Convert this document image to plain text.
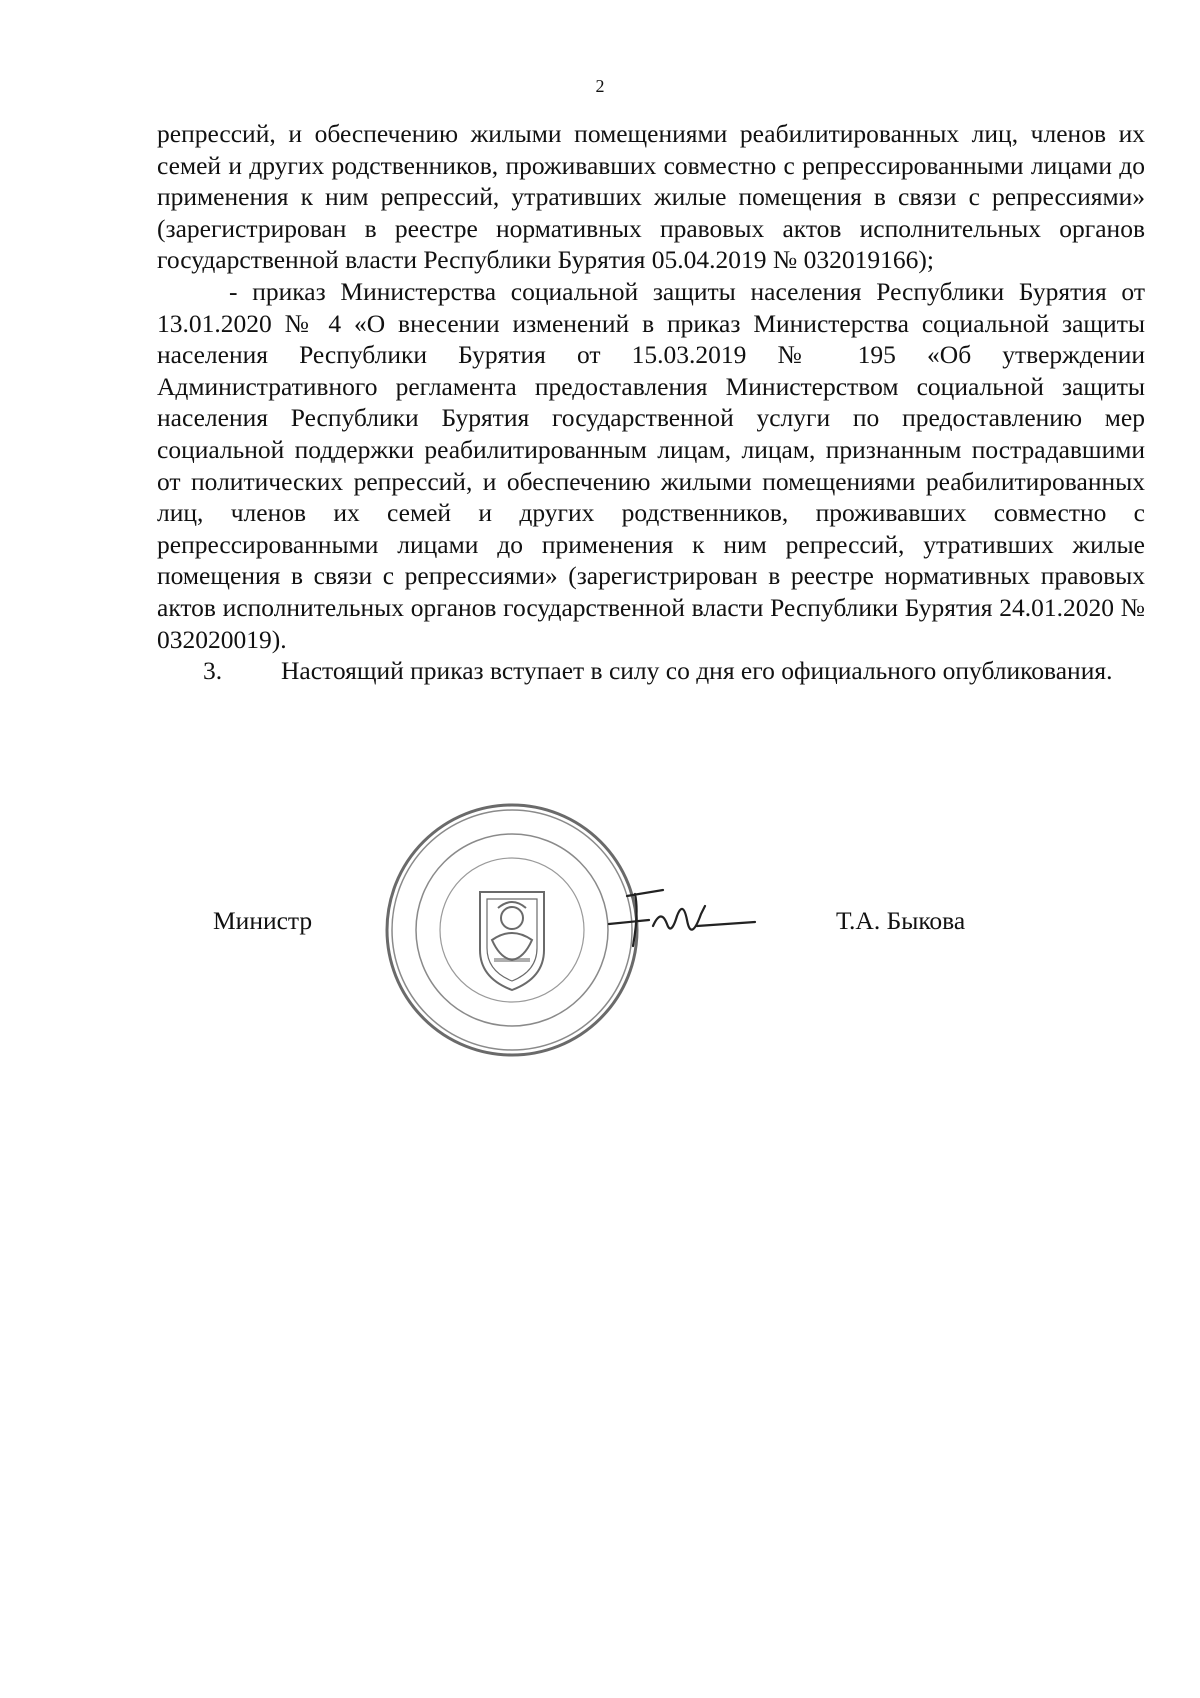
2

репрессий, и обеспечению жилыми помещениями реабилитированных лиц, членов их семей и других родственников, проживавших совместно с репрессированными лицами до применения к ним репрессий, утративших жилые помещения в связи с репрессиями» (зарегистрирован в реестре нормативных правовых актов исполнительных органов государственной власти Республики Бурятия 05.04.2019 № 032019166);

- приказ Министерства социальной защиты населения Республики Бурятия от 13.01.2020 № 4 «О внесении изменений в приказ Министерства социальной защиты населения Республики Бурятия от 15.03.2019 № 195 «Об утверждении Административного регламента предоставления Министерством социальной защиты населения Республики Бурятия государственной услуги по предоставлению мер социальной поддержки реабилитированным лицам, лицам, признанным пострадавшими от политических репрессий, и обеспечению жилыми помещениями реабилитированных лиц, членов их семей и других родственников, проживавших совместно с репрессированными лицами до применения к ним репрессий, утративших жилые помещения в связи с репрессиями» (зарегистрирован в реестре нормативных правовых актов исполнительных органов государственной власти Республики Бурятия 24.01.2020 № 032020019).

3. Настоящий приказ вступает в силу со дня его официального опубликования.

Министр	Т.А. Быкова
